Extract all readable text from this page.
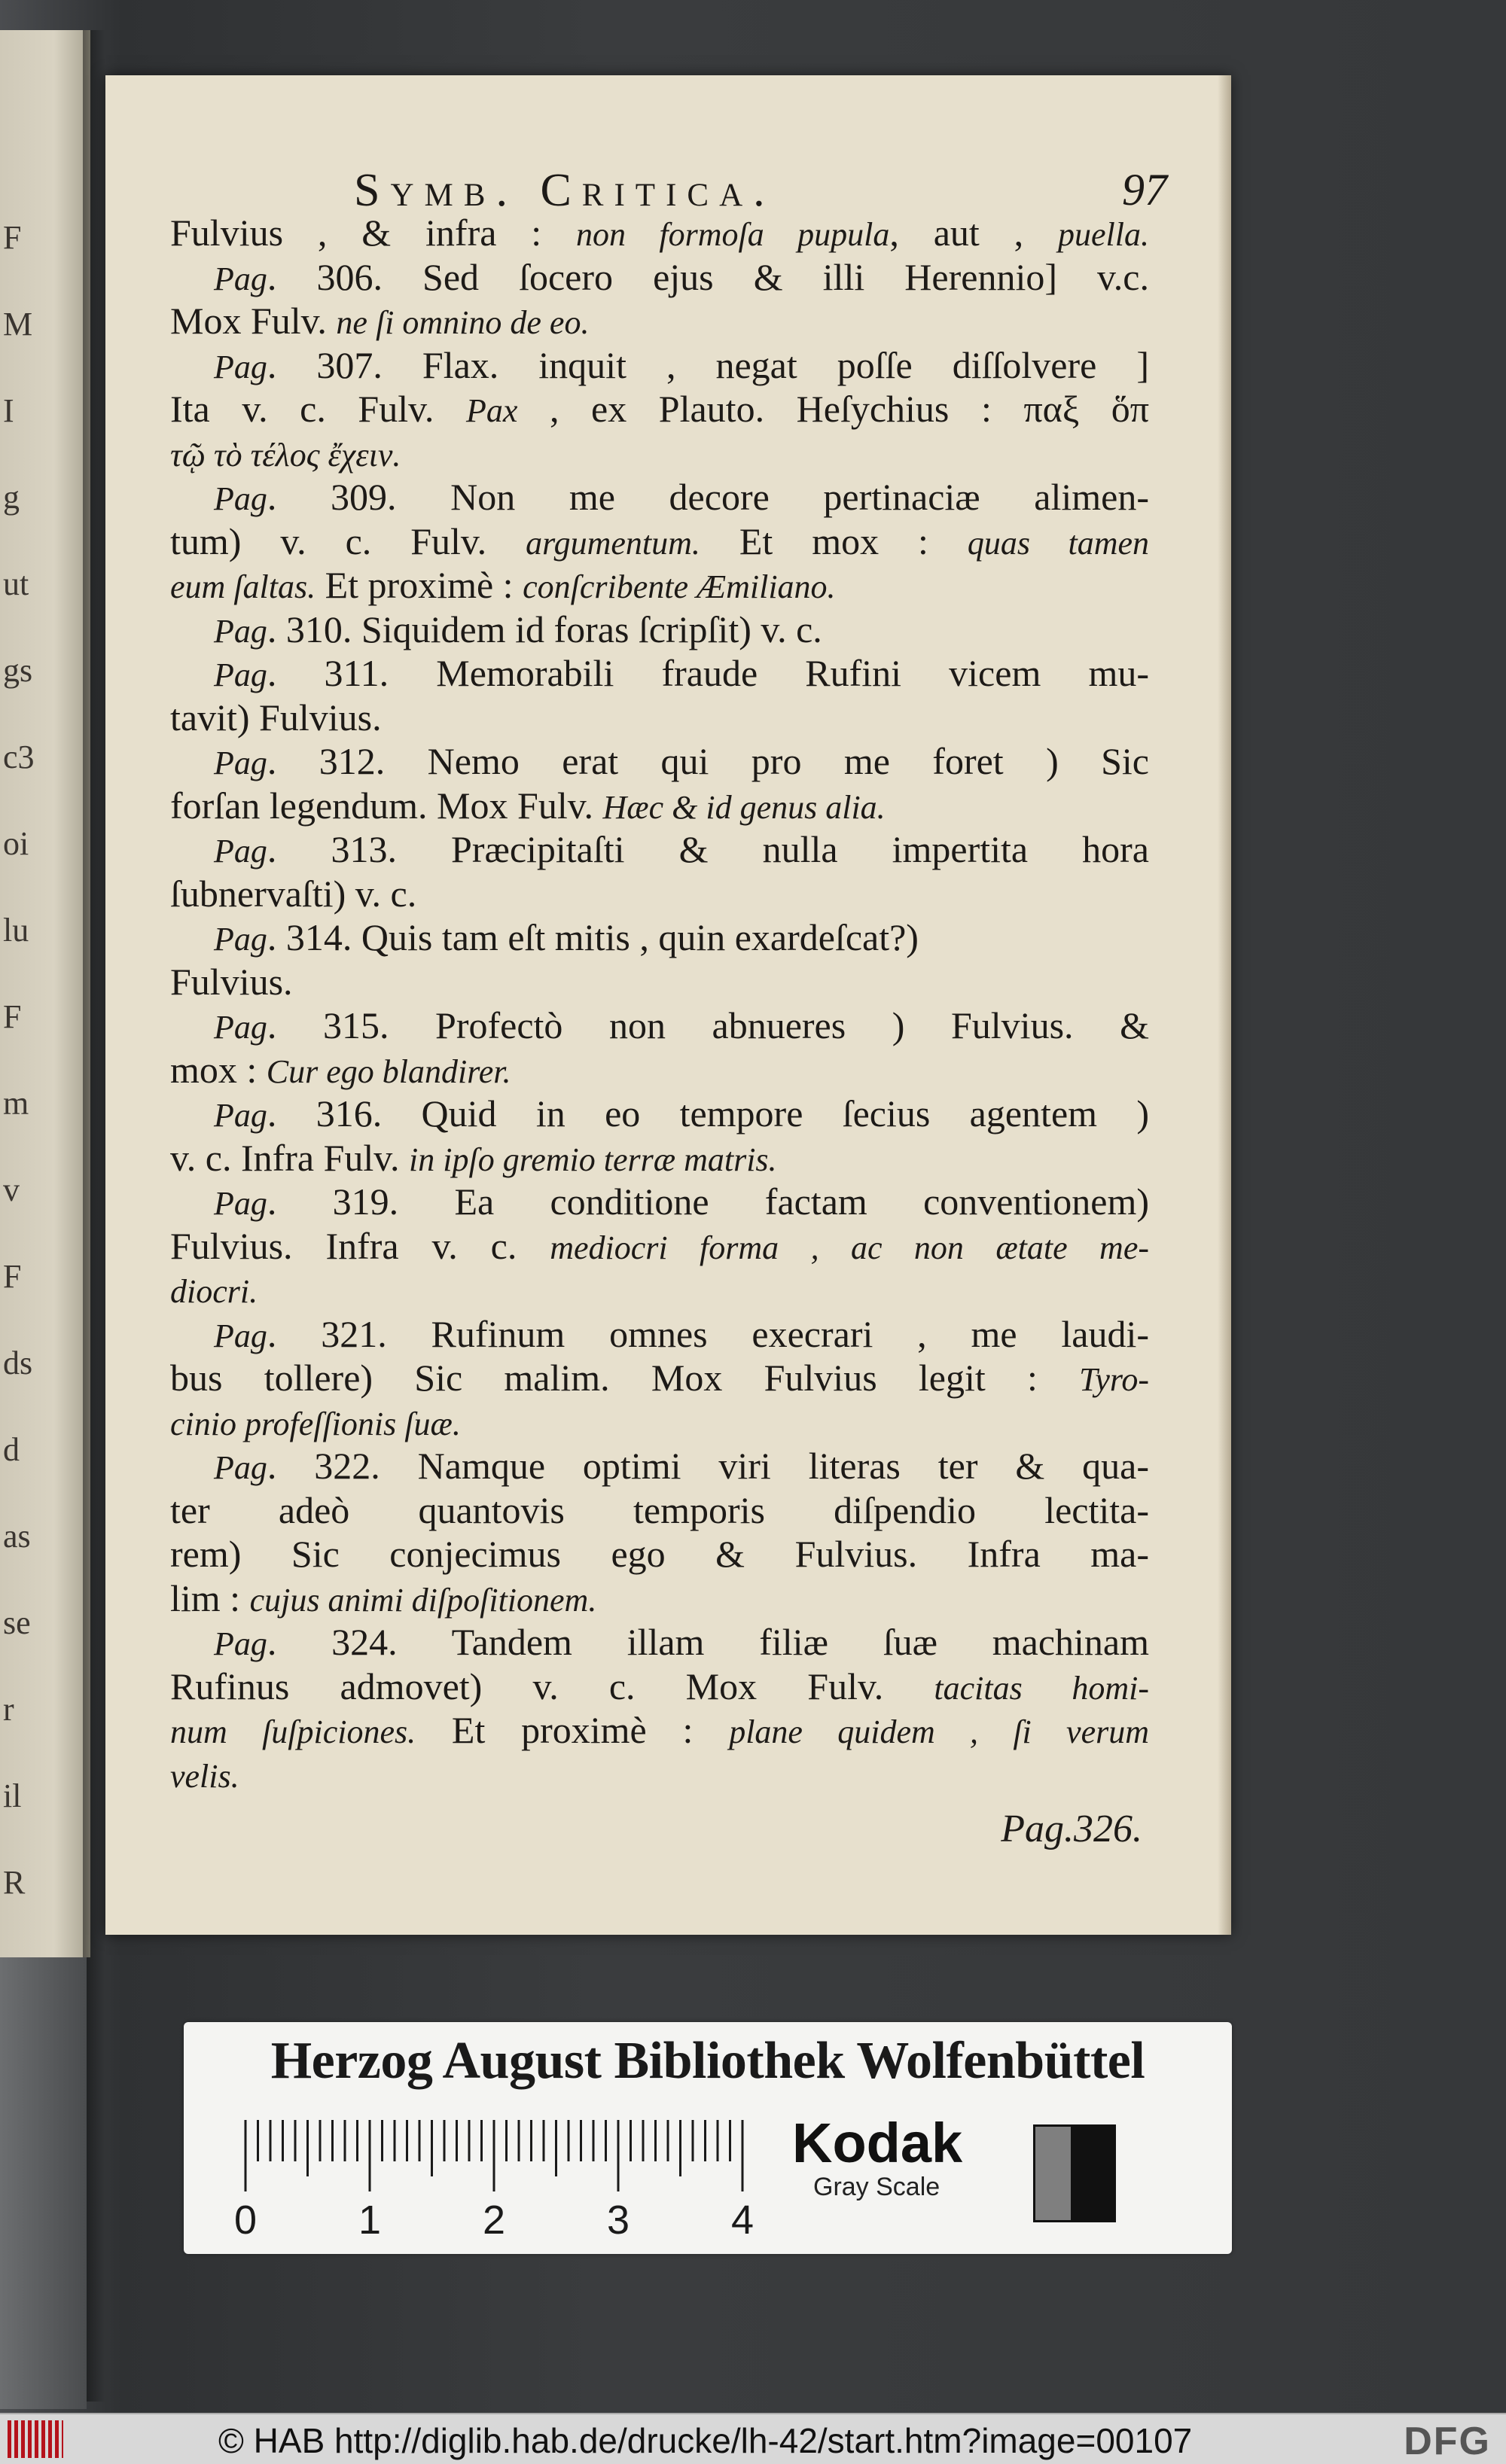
F
M
I
g
ut
gs
c3
oi
lu
F
m
v
F
ds
d
as
se
r
il
R
Symb. Critica.	97
Fulvius , & infra : non formoſa pupula, aut , puella.
Pag. 306. Sed ſocero ejus & illi Herennio] v.c.
Mox Fulv. ne ſi omnino de eo.
Pag. 307. Flax. inquit , negat poſſe diſſolvere ]
Ita v. c. Fulv. Pax , ex Plauto. Heſychius : παξ ὅπ
τῷ τὸ τέλος ἔχειν.
Pag. 309. Non me decore pertinaciæ alimen-
tum) v. c. Fulv. argumentum. Et mox : quas tamen
eum ſaltas. Et proximè : conſcribente Æmiliano.
Pag. 310. Siquidem id foras ſcripſit) v. c.
Pag. 311. Memorabili fraude Rufini vicem mu-
tavit) Fulvius.
Pag. 312. Nemo erat qui pro me foret ) Sic
forſan legendum. Mox Fulv. Hæc & id genus alia.
Pag. 313. Præcipitaſti & nulla impertita hora
ſubnervaſti) v. c.
Pag. 314. Quis tam eſt mitis , quin exardeſcat?)
Fulvius.
Pag. 315. Profectò non abnueres ) Fulvius. &
mox : Cur ego blandirer.
Pag. 316. Quid in eo tempore ſecius agentem )
v. c. Infra Fulv. in ipſo gremio terræ matris.
Pag. 319. Ea conditione factam conventionem)
Fulvius. Infra v. c. mediocri forma , ac non ætate me-
diocri.
Pag. 321. Rufinum omnes execrari , me laudi-
bus tollere) Sic malim. Mox Fulvius legit : Tyro-
cinio profeſſionis ſuæ.
Pag. 322. Namque optimi viri literas ter & qua-
ter adeò quantovis temporis diſpendio lectita-
rem) Sic conjecimus ego & Fulvius. Infra ma-
lim : cujus animi diſpoſitionem.
Pag. 324. Tandem illam filiæ ſuæ machinam
Rufinus admovet) v. c. Mox Fulv. tacitas homi-
num ſuſpiciones. Et proximè : plane quidem , ſi verum
velis.
Pag.326.
Herzog August Bibliothek Wolfenbüttel
0 1 2 3 4
Kodak
Gray Scale
© HAB http://diglib.hab.de/drucke/lh-42/start.htm?image=00107	DFG
